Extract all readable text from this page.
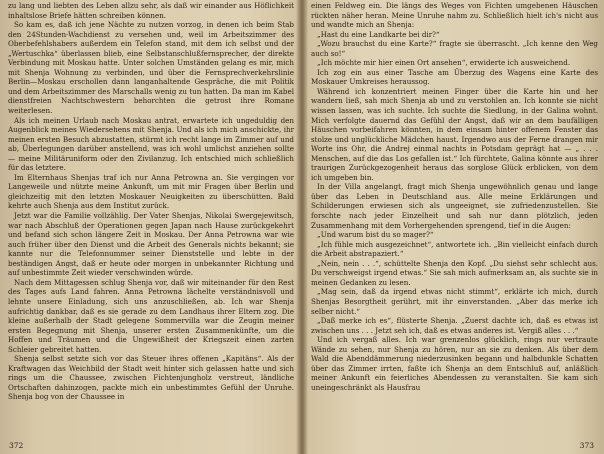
zu lang und liebten des Leben allzu sehr, als daß wir einander aus Höflichkeit inhaltslose Briefe hätten schreiben können.

So kam es, daß ich jene Nächte zu nutzen vorzog, in denen ich beim Stab den 24Stunden-Wachdienst zu versehen und, weil im Arbeitszimmer des Oberbefehlshabers außerdem ein Telefon stand, mit dem ich selbst und der „Wertuschka“ überlassen blieb, eine Selbstanschlußfernsprecher, der direkte Verbindung mit Moskau hatte. Unter solchen Umständen gelang es mir, mich mit Shenja Wohnung zu verbinden, und über die Fernsprechverkehrslinie Berlin—Moskau erschollen dann langanhaltende Gespräche, die mit Politik und dem Arbeitszimmer des Marschalls wenig zu tun hatten. Da man im Kabel dienstfreien Nachtschwestern behorchten die getrost ihre Romane weiterlesen.

Als ich meinen Urlaub nach Moskau antrat, erwartete ich ungeduldig den Augenblick meines Wiedersehens mit Shenja. Und als ich mich anschickte, ihr meinen ersten Besuch abzustatten, stürmt ich recht lange im Zimmer auf und ab, Überlegungen darüber anstellend, was ich wohl umlichst anziehen sollte — meine Militäruniform oder den Zivilanzug. Ich entschied mich schließlich für das letztere.

Im Elternhaus Shenjas traf ich nur Anna Petrowna an. Sie vergingen vor Langeweile und nützte meine Ankunft, um mit mir Fragen über Berlin und gleichzeitig mit den letzten Moskauer Neuigkeiten zu überschütten. Bald kehrte auch Shenja aus dem Institut zurück.

Jetzt war die Familie vollzählig. Der Vater Shenjas, Nikolai Swergejewitsch, war nach Abschluß der Operationen gegen Japan nach Hause zurückgekehrt und befand sich schon längere Zeit in Moskau. Der Anna Petrowna war wie auch früher über den Dienst und die Arbeit des Generals nichts bekannt; sie kannte nur die Telefonnummer seiner Dienststelle und lebte in der beständigen Angst, daß er heute oder morgen in unbekannter Richtung und auf unbestimmte Zeit wieder verschwinden würde.

Nach dem Mittagessen schlug Shenja vor, daß wir miteinander für den Rest des Tages aufs Land fahren. Anna Petrowna lächelte verständnisvoll und lehnte unsere Einladung, sich uns anzuschließen, ab. Ich war Shenja aufrichtig dankbar, daß es sie gerade zu dem Landhaus ihrer Eltern zog. Die kleine außerhalb der Stadt gelegene Sommervilla war die Zeugin meiner ersten Begegnung mit Shenja, unserer ersten Zusammenkünfte, um die Hoffen und Träumen und die Ungewißheit der Kriegszeit einen zarten Schleier gebreitet hatten.

Shenja selbst setzte sich vor das Steuer ihres offenen „Kapitäns“. Als der Kraftwagen das Weichbild der Stadt weit hinter sich gelassen hatte und sich rings um die Chaussee, zwischen Fichtenjungholz verstreut, ländliche Ortschaften dahinzogen, packte mich ein unbestimmtes Gefühl der Unruhe. Shenja bog von der Chaussee in

372

einen Feldweg ein. Die längs des Weges von Fichten umgebenen Häuschen rückten näher heran. Meine Unruhe nahm zu. Schließlich hielt ich's nicht aus und wandte mich an Shenja:

„Hast du eine Landkarte bei dir?“

„Wozu brauchst du eine Karte?“ fragte sie überrascht. „Ich kenne den Weg auch so!“

„Ich möchte mir hier einen Ort ansehen“, erwiderte ich ausweichend.

Ich zog ein aus einer Tasche am Überzug des Wagens eine Karte des Moskauer Umkreises heraussog.

Während ich konzentriert meinen Finger über die Karte hin und her wandern ließ, sah mich Shenja ab und zu verstohlen an. Ich konnte sie nicht wissen lassen, was ich suchte. Ich suchte die Siedlung, in der Galina wohnt. Mich verfolgte dauernd das Gefühl der Angst, daß wir an dem baufälligen Häuschen vorbeifahren könnten, in dem einsam hinter offenem Fenster das stolze und unglückliche Mädchen haust. Irgendwo aus der Ferne drangen mir Worte ins Ohr, die Andrej einmal nachts in Potsdam geprägt hat — „ . . . Menschen, auf die das Los gefallen ist.“ Ich fürchtete, Galina könnte aus ihrer traurigen Zurückgezogenheit heraus das sorglose Glück erblicken, von dem ich umgeben bin.

In der Villa angelangt, fragt mich Shenja ungewöhnlich genau und lange über das Leben in Deutschland aus. Alle meine Erklärungen und Schilderungen erwiesen sich als ungeeignet, sie zufriedenzustellen. Sie forschte nach jeder Einzelheit und sah nur dann plötzlich, jeden Zusammenhang mit dem Vorhergehenden sprengend, tief in die Augen:

„Und warum bist du so mager?“

„Ich fühle mich ausgezeichnet“, antwortete ich. „Bin vielleicht einfach durch die Arbeit abstrapaziert.“

„Nein, nein . . .“, schüttelte Shenja den Kopf. „Du siehst sehr schlecht aus. Du verschweigst irgend etwas.“ Sie sah mich aufmerksam an, als suchte sie in meinen Gedanken zu lesen.

„Mag sein, daß da irgend etwas nicht stimmt“, erklärte ich mich, durch Shenjas Besorgtheit gerührt, mit ihr einverstanden. „Aber das merke ich selber nicht.“

„Daß merke ich es“, flüsterte Shenja. „Zuerst dachte ich, daß es etwas ist zwischen uns . . . Jetzt seh ich, daß es etwas anderes ist. Vergiß alles . . .“

Und ich vergaß alles. Ich war grenzenlos glücklich, rings nur vertraute Wände zu sehen, nur Shenja zu hören, nur an sie zu denken. Als über dem Wald die Abenddämmerung niederzusinken begann und halbdunkle Schatten über das Zimmer irrten, faßte ich Shenja an dem Entschluß auf, anläßlich meiner Ankunft ein feierliches Abendessen zu veranstalten. Sie kam sich uneingeschränkt als Hausfrau

373
